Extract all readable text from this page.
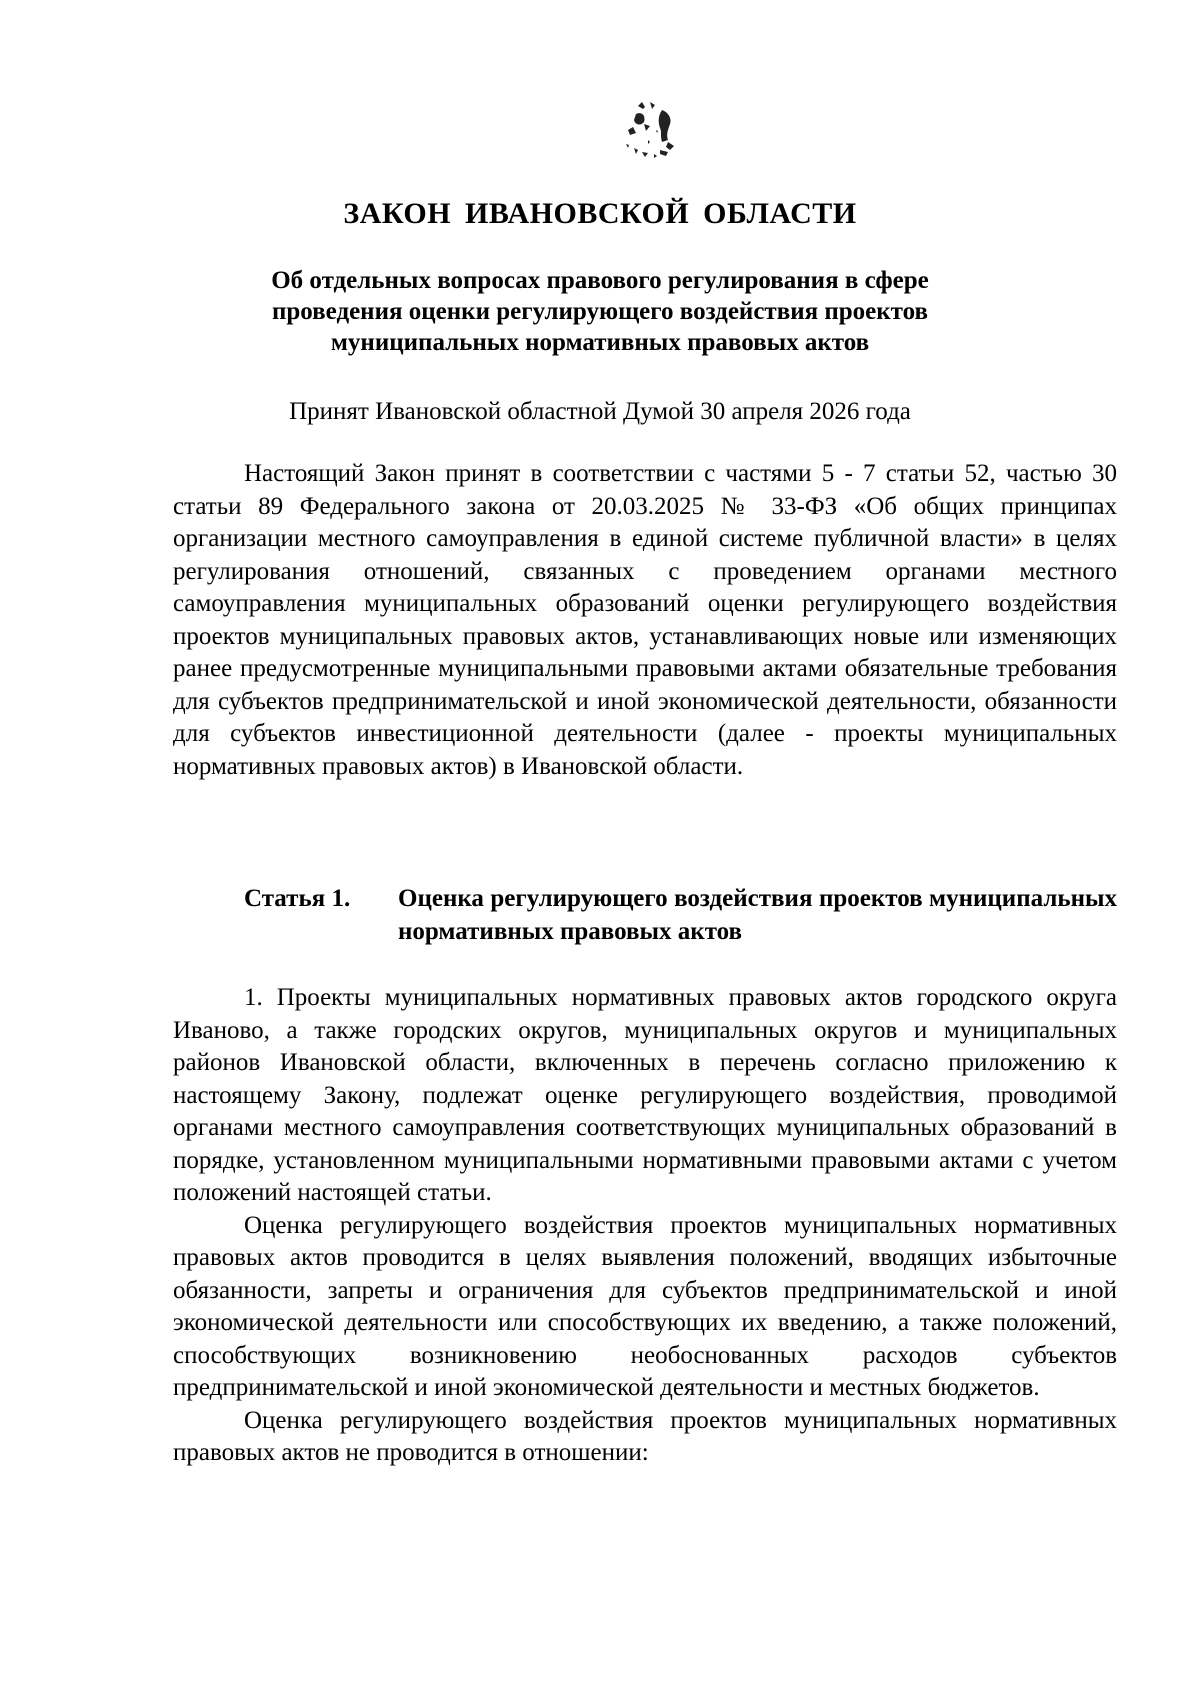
ЗАКОН ИВАНОВСКОЙ ОБЛАСТИ
Об отдельных вопросах правового регулирования в сфере
проведения оценки регулирующего воздействия проектов
муниципальных нормативных правовых актов
Принят Ивановской областной Думой 30 апреля 2026 года

Настоящий Закон принят в соответствии с частями 5 - 7 статьи 52, частью 30 статьи 89 Федерального закона от 20.03.2025 № 33-ФЗ «Об общих принципах организации местного самоуправления в единой системе публичной власти» в целях регулирования отношений, связанных с проведением органами местного самоуправления муниципальных образований оценки регулирующего воздействия проектов муниципальных правовых актов, устанавливающих новые или изменяющих ранее предусмотренные муниципальными правовыми актами обязательные требования для субъектов предпринимательской и иной экономической деятельности, обязанности для субъектов инвестиционной деятельности (далее - проекты муниципальных нормативных правовых актов) в Ивановской области.

Статья 1.	Оценка регулирующего воздействия проектов муниципальных нормативных правовых актов

1. Проекты муниципальных нормативных правовых актов городского округа Иваново, а также городских округов, муниципальных округов и муниципальных районов Ивановской области, включенных в перечень согласно приложению к настоящему Закону, подлежат оценке регулирующего воздействия, проводимой органами местного самоуправления соответствующих муниципальных образований в порядке, установленном муниципальными нормативными правовыми актами с учетом положений настоящей статьи.

Оценка регулирующего воздействия проектов муниципальных нормативных правовых актов проводится в целях выявления положений, вводящих избыточные обязанности, запреты и ограничения для субъектов предпринимательской и иной экономической деятельности или способствующих их введению, а также положений, способствующих возникновению необоснованных расходов субъектов предпринимательской и иной экономической деятельности и местных бюджетов.

Оценка регулирующего воздействия проектов муниципальных нормативных правовых актов не проводится в отношении:
